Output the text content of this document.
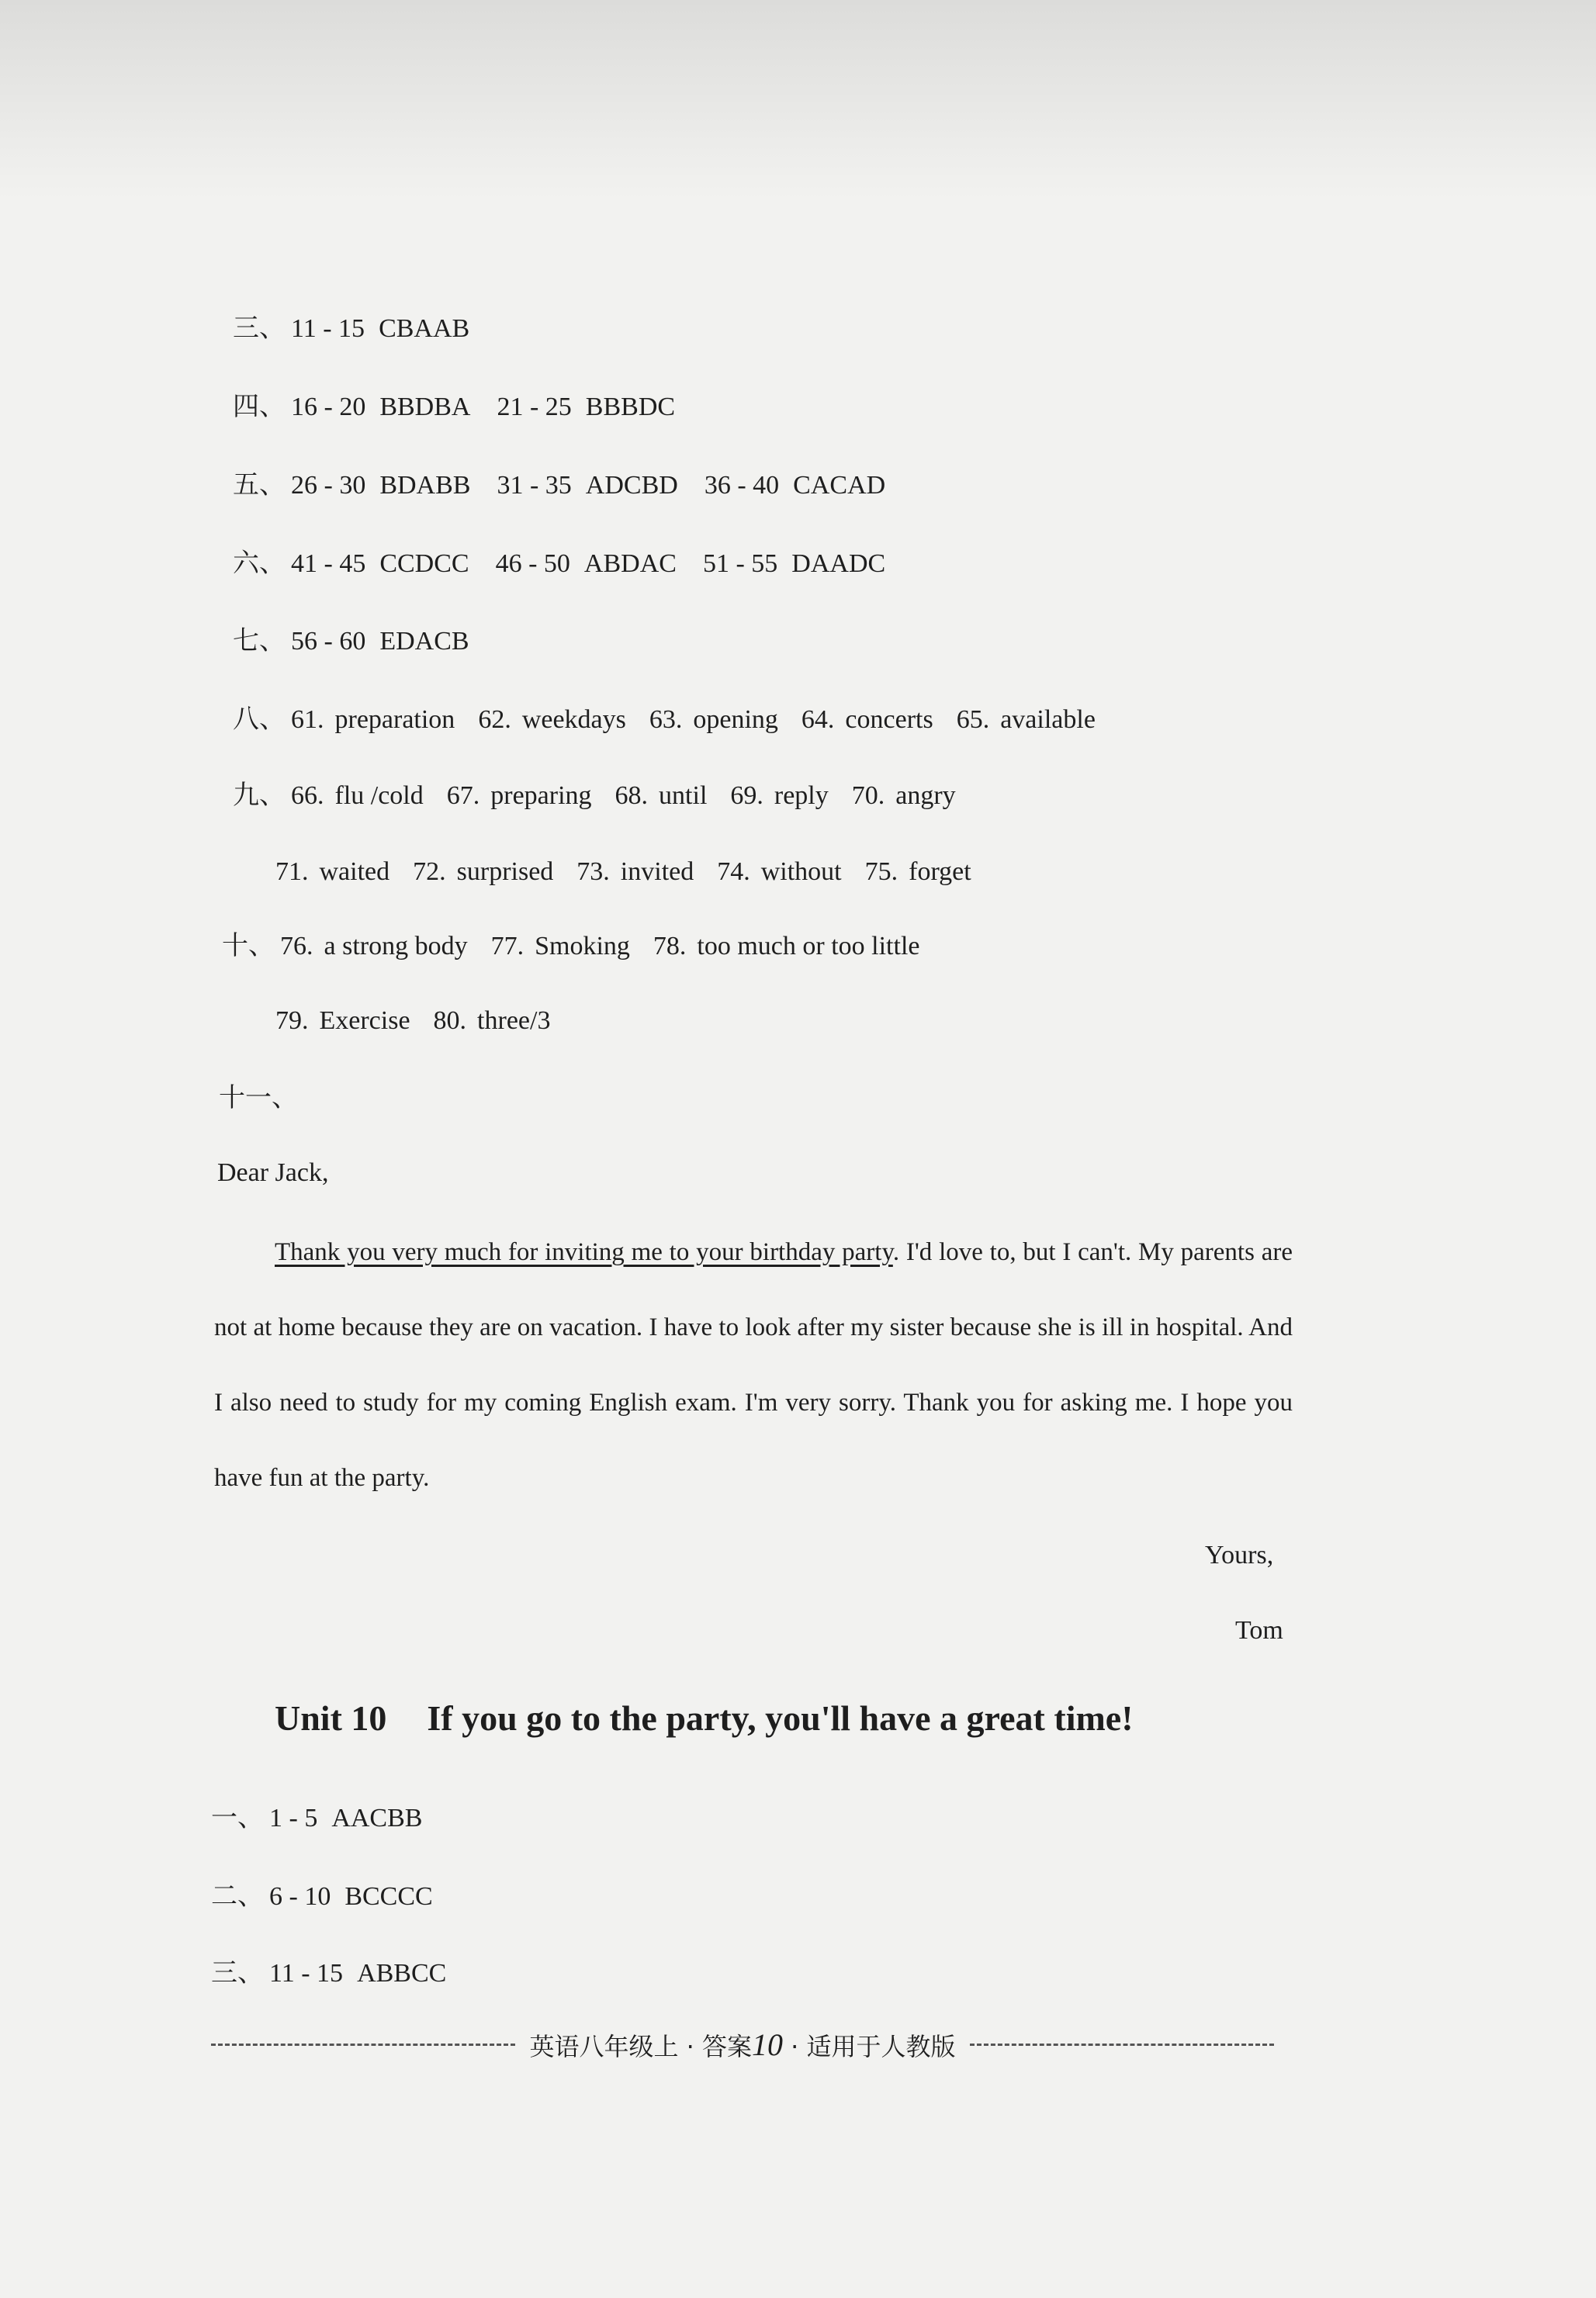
三、 11 - 15 CBAAB
四、 16 - 20 BBDBA 21 - 25 BBBDC
五、 26 - 30 BDABB 31 - 35 ADCBD 36 - 40 CACAD
六、 41 - 45 CCDCC 46 - 50 ABDAC 51 - 55 DAADC
七、 56 - 60 EDACB
八、 61. preparation 62. weekdays 63. opening 64. concerts 65. available
九、 66. flu /cold 67. preparing 68. until 69. reply 70. angry
71. waited 72. surprised 73. invited 74. without 75. forget
十、 76. a strong body 77. Smoking 78. too much or too little
79. Exercise 80. three/3
十一、
Dear Jack,
Thank you very much for inviting me to your birthday party. I'd love to, but I can't. My parents are not at home because they are on vacation. I have to look after my sister because she is ill in hospital. And I also need to study for my coming English exam. I'm very sorry. Thank you for asking me. I hope you have fun at the party.
Yours,
Tom
Unit 10 If you go to the party, you'll have a great time!
一、 1 - 5 AACBB
二、 6 - 10 BCCCC
三、 11 - 15 ABBCC
英语八年级上 · 答案10 · 适用于人教版
